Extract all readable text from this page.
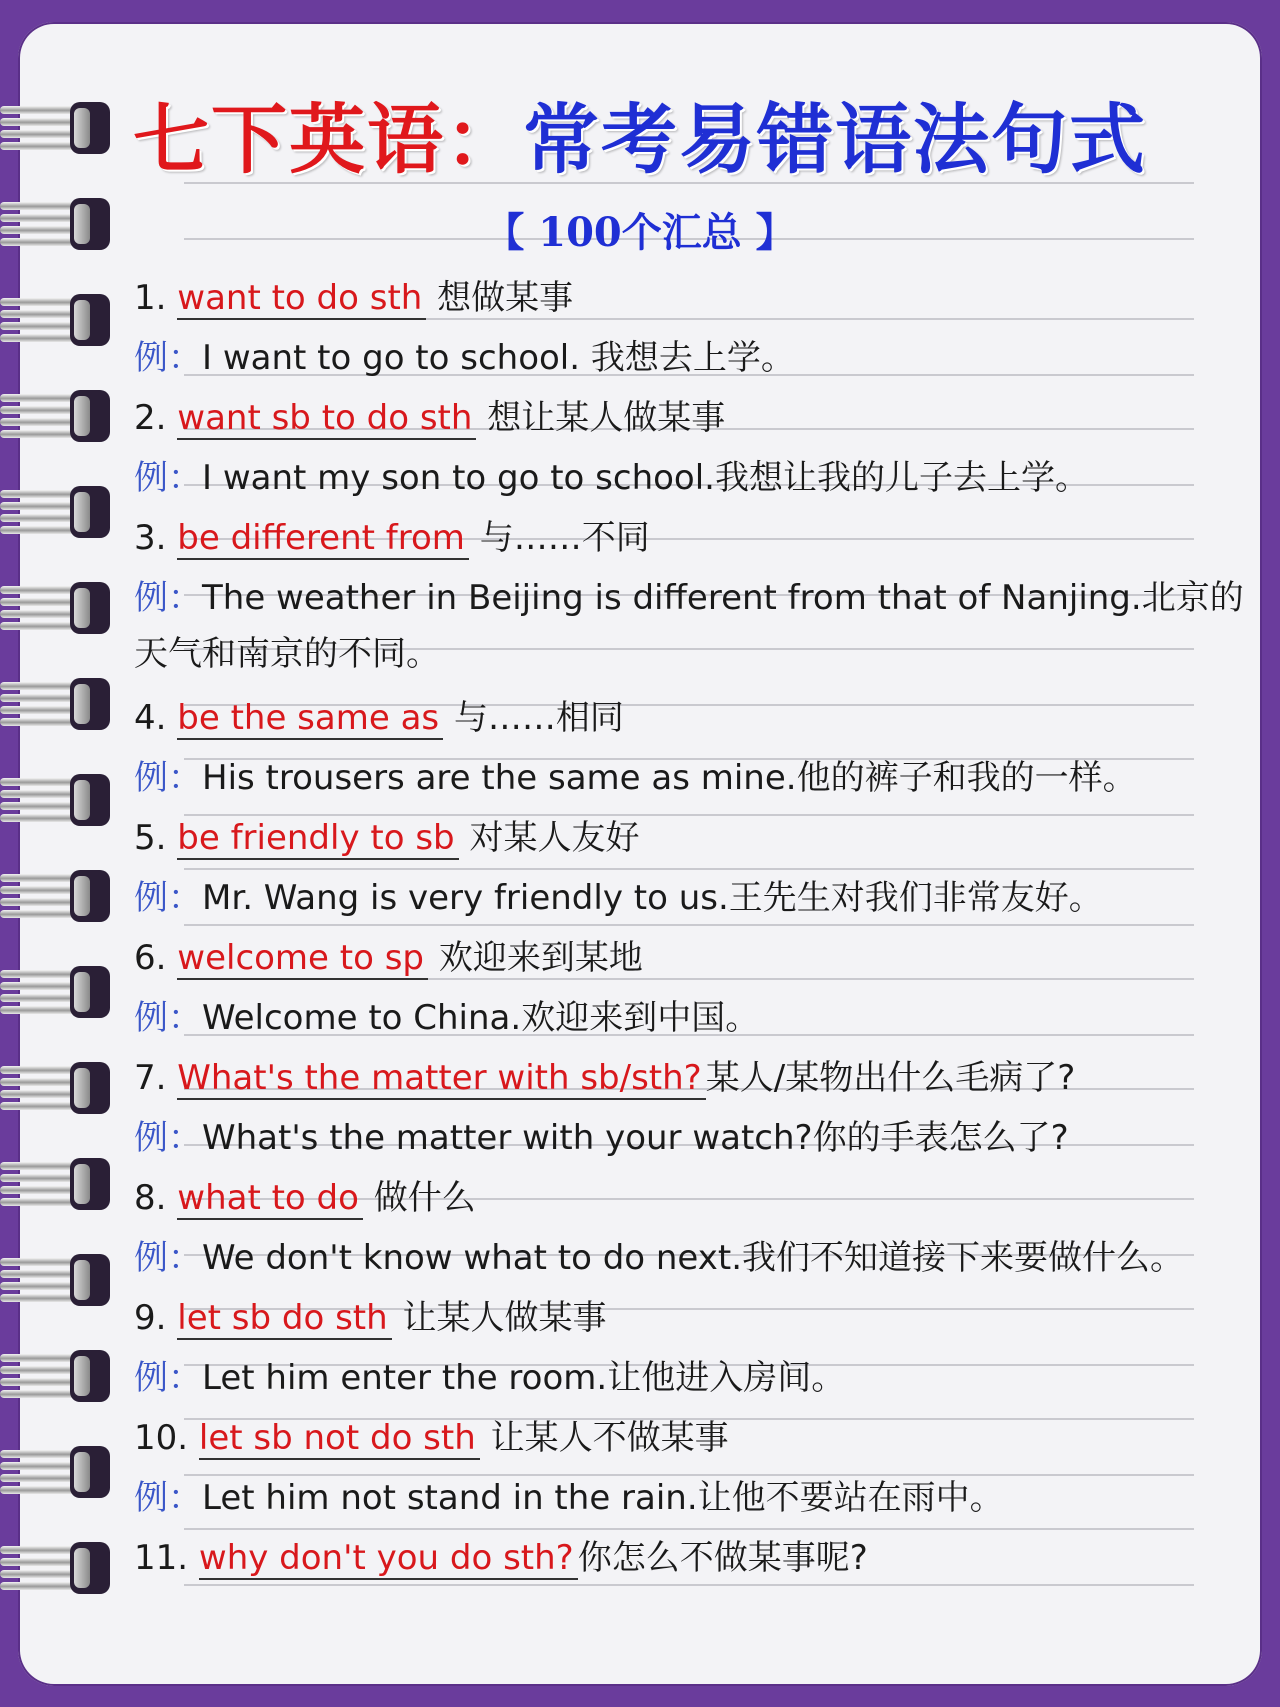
七下英语：常考易错语法句式
【 100个汇总 】
1. want to do sth 想做某事
例：I want to go to school. 我想去上学。
2. want sb to do sth 想让某人做某事
例：I want my son to go to school.我想让我的儿子去上学。
3. be different from 与……不同
例：The weather in Beijing is different from that of Nanjing.北京的天气和南京的不同。
4. be the same as 与……相同
例：His trousers are the same as mine.他的裤子和我的一样。
5. be friendly to sb 对某人友好
例：Mr. Wang is very friendly to us.王先生对我们非常友好。
6. welcome to sp 欢迎来到某地
例：Welcome to China.欢迎来到中国。
7. What's the matter with sb/sth? 某人/某物出什么毛病了?
例：What's the matter with your watch?你的手表怎么了?
8. what to do 做什么
例：We don't know what to do next.我们不知道接下来要做什么。
9. let sb do sth 让某人做某事
例：Let him enter the room.让他进入房间。
10. let sb not do sth 让某人不做某事
例：Let him not stand in the rain.让他不要站在雨中。
11. why don't you do sth? 你怎么不做某事呢?
